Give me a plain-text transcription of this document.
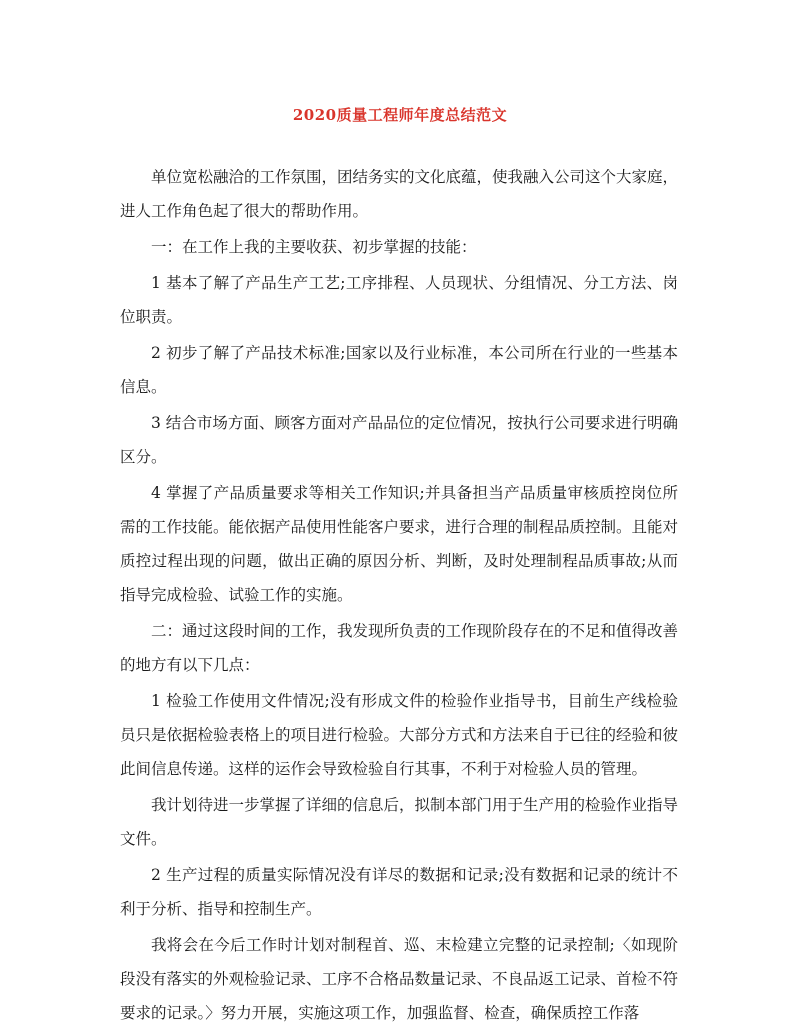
2020质量工程师年度总结范文

单位宽松融洽的工作氛围，团结务实的文化底蕴，使我融入公司这个大家庭，进人工作角色起了很大的帮助作用。

一：在工作上我的主要收获、初步掌握的技能：

1 基本了解了产品生产工艺;工序排程、人员现状、分组情况、分工方法、岗位职责。

2 初步了解了产品技术标准;国家以及行业标准，本公司所在行业的一些基本信息。

3 结合市场方面、顾客方面对产品品位的定位情况，按执行公司要求进行明确区分。

4 掌握了产品质量要求等相关工作知识;并具备担当产品质量审核质控岗位所需的工作技能。能依据产品使用性能客户要求，进行合理的制程品质控制。且能对质控过程出现的问题，做出正确的原因分析、判断，及时处理制程品质事故;从而指导完成检验、试验工作的实施。

二：通过这段时间的工作，我发现所负责的工作现阶段存在的不足和值得改善的地方有以下几点：

1 检验工作使用文件情况;没有形成文件的检验作业指导书，目前生产线检验员只是依据检验表格上的项目进行检验。大部分方式和方法来自于已往的经验和彼此间信息传递。这样的运作会导致检验自行其事，不利于对检验人员的管理。

我计划待进一步掌握了详细的信息后，拟制本部门用于生产用的检验作业指导文件。

2 生产过程的质量实际情况没有详尽的数据和记录;没有数据和记录的统计不利于分析、指导和控制生产。

我将会在今后工作时计划对制程首、巡、末检建立完整的记录控制;〈如现阶段没有落实的外观检验记录、工序不合格品数量记录、不良品返工记录、首检不符要求的记录。〉努力开展，实施这项工作，加强监督、检查，确保质控工作落
